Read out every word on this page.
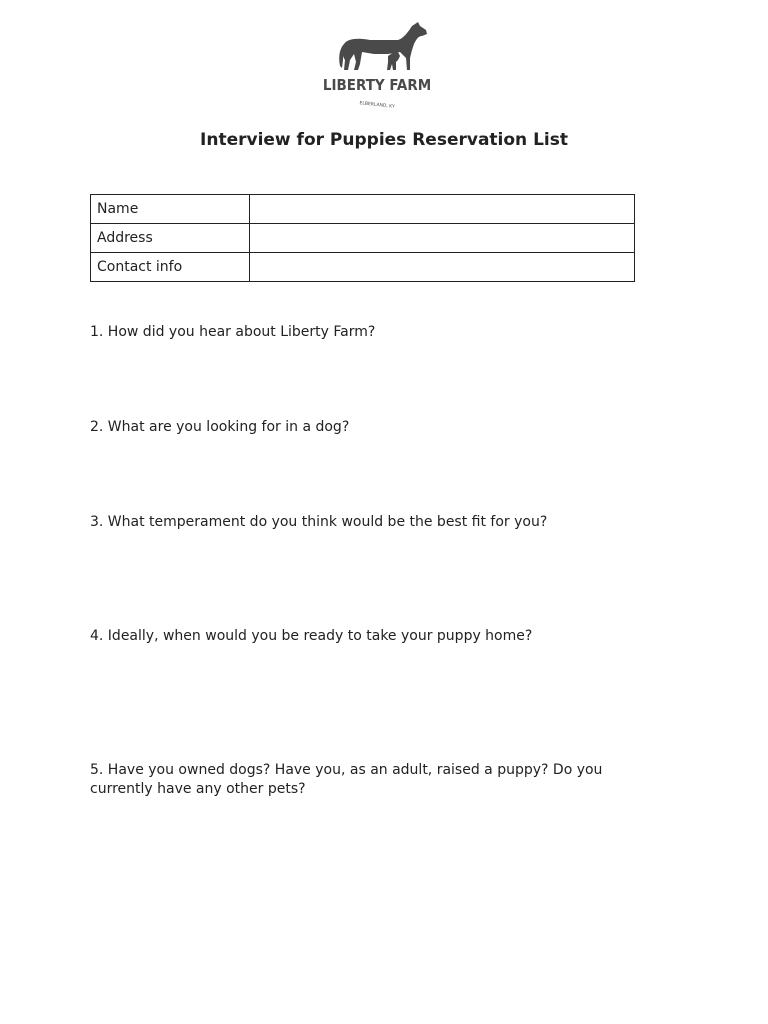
LIBERTY FARM
ELBERLAND, KY
Interview for Puppies Reservation List
Name	
Address	
Contact info	

1. How did you hear about Liberty Farm?

2. What are you looking for in a dog?

3. What temperament do you think would be the best fit for you?

4. Ideally, when would you be ready to take your puppy home?

5. Have you owned dogs? Have you, as an adult, raised a puppy? Do you currently have any other pets?
